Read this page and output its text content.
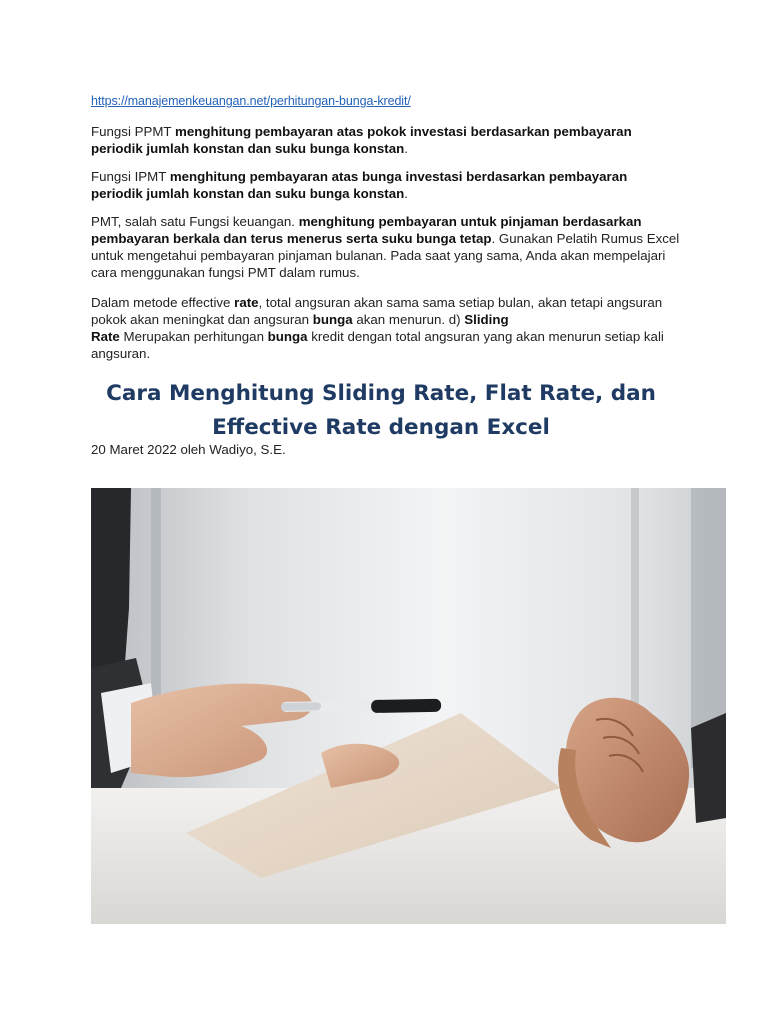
https://manajemenkeuangan.net/perhitungan-bunga-kredit/

Fungsi PPMT menghitung pembayaran atas pokok investasi berdasarkan pembayaran periodik jumlah konstan dan suku bunga konstan.

Fungsi IPMT menghitung pembayaran atas bunga investasi berdasarkan pembayaran periodik jumlah konstan dan suku bunga konstan.

PMT, salah satu Fungsi keuangan. menghitung pembayaran untuk pinjaman berdasarkan pembayaran berkala dan terus menerus serta suku bunga tetap. Gunakan Pelatih Rumus Excel untuk mengetahui pembayaran pinjaman bulanan. Pada saat yang sama, Anda akan mempelajari cara menggunakan fungsi PMT dalam rumus.

Dalam metode effective rate, total angsuran akan sama sama setiap bulan, akan tetapi angsuran pokok akan meningkat dan angsuran bunga akan menurun. d) Sliding
Rate Merupakan perhitungan bunga kredit dengan total angsuran yang akan menurun setiap kali angsuran.

Cara Menghitung Sliding Rate, Flat Rate, dan Effective Rate dengan Excel
20 Maret 2022 oleh Wadiyo, S.E.
